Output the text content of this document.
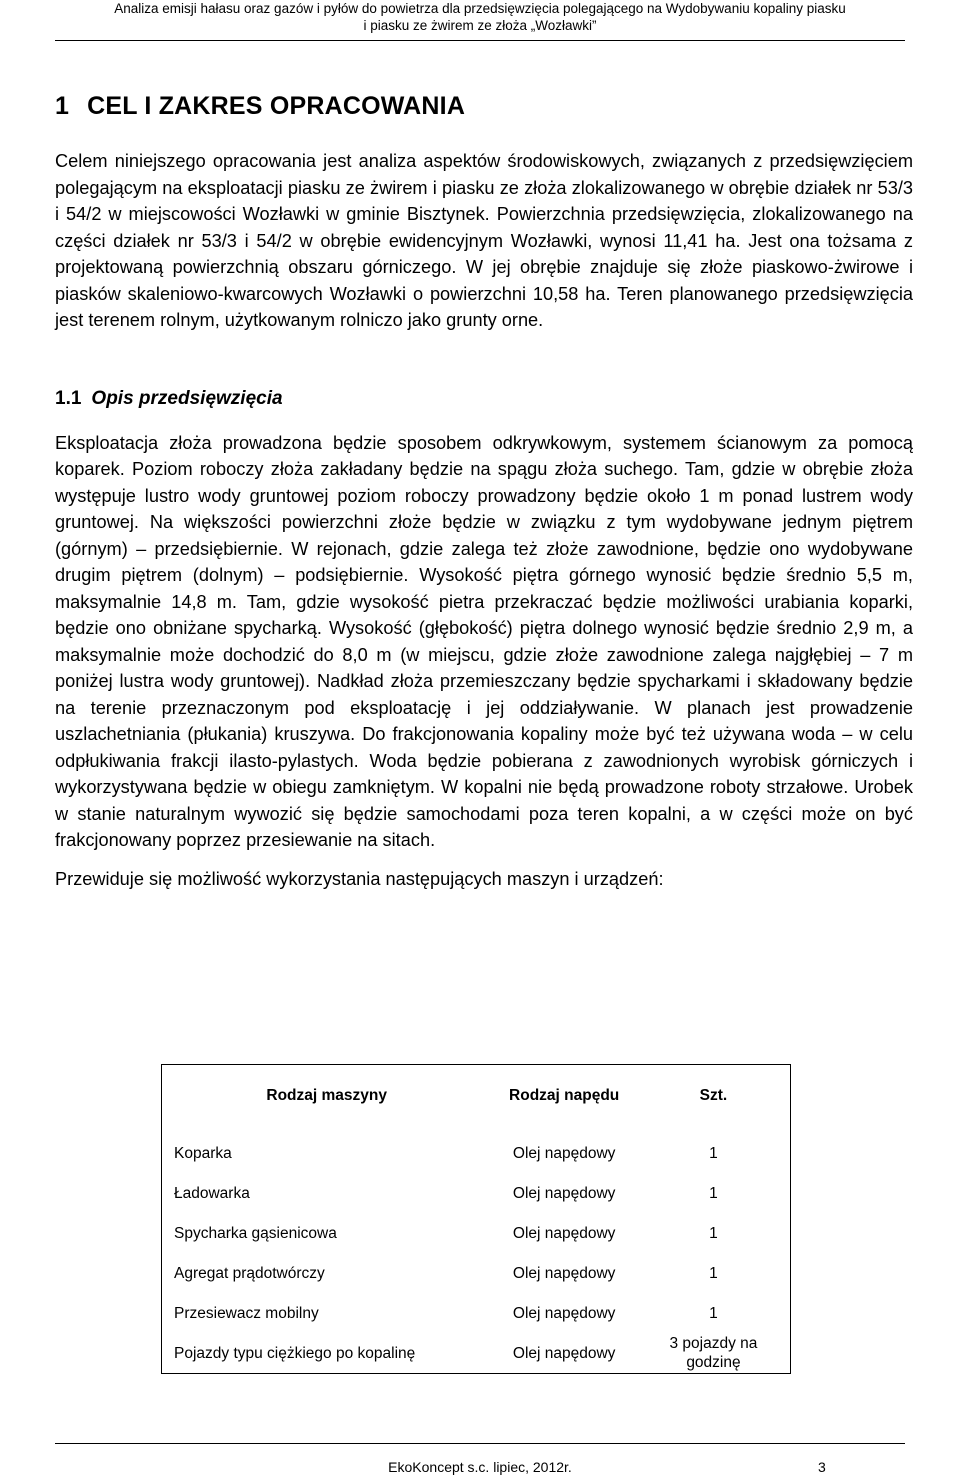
Analiza emisji hałasu oraz gazów i pyłów do powietrza dla przedsięwzięcia polegającego na Wydobywaniu kopaliny piasku
i piasku ze żwirem ze złoża „Wozławki”
1 CEL I ZAKRES OPRACOWANIA

Celem niniejszego opracowania jest analiza aspektów środowiskowych, związanych z przedsięwzięciem polegającym na eksploatacji piasku ze żwirem i piasku ze złoża zlokalizowanego w obrębie działek nr 53/3 i 54/2 w miejscowości Wozławki w gminie Bisztynek. Powierzchnia przedsięwzięcia, zlokalizowanego na części działek nr 53/3 i 54/2 w obrębie ewidencyjnym Wozławki, wynosi 11,41 ha. Jest ona tożsama z projektowaną powierzchnią obszaru górniczego. W jej obrębie znajduje się złoże piaskowo-żwirowe i piasków skaleniowo-kwarcowych Wozławki o powierzchni 10,58 ha. Teren planowanego przedsięwzięcia jest terenem rolnym, użytkowanym rolniczo jako grunty orne.

1.1 Opis przedsięwzięcia

Eksploatacja złoża prowadzona będzie sposobem odkrywkowym, systemem ścianowym za pomocą koparek. Poziom roboczy złoża zakładany będzie na spągu złoża suchego. Tam, gdzie w obrębie złoża występuje lustro wody gruntowej poziom roboczy prowadzony będzie około 1 m ponad lustrem wody gruntowej. Na większości powierzchni złoże będzie w związku z tym wydobywane jednym piętrem (górnym) – przedsiębiernie. W rejonach, gdzie zalega też złoże zawodnione, będzie ono wydobywane drugim piętrem (dolnym) – podsiębiernie. Wysokość piętra górnego wynosić będzie średnio 5,5 m, maksymalnie 14,8 m. Tam, gdzie wysokość pietra przekraczać będzie możliwości urabiania koparki, będzie ono obniżane spycharką. Wysokość (głębokość) piętra dolnego wynosić będzie średnio 2,9 m, a maksymalnie może dochodzić do 8,0 m (w miejscu, gdzie złoże zawodnione zalega najgłębiej – 7 m poniżej lustra wody gruntowej). Nadkład złoża przemieszczany będzie spycharkami i składowany będzie na terenie przeznaczonym pod eksploatację i jej oddziaływanie. W planach jest prowadzenie uszlachetniania (płukania) kruszywa. Do frakcjonowania kopaliny może być też używana woda – w celu odpłukiwania frakcji ilasto-pylastych. Woda będzie pobierana z zawodnionych wyrobisk górniczych i wykorzystywana będzie w obiegu zamkniętym. W kopalni nie będą prowadzone roboty strzałowe. Urobek w stanie naturalnym wywozić się będzie samochodami poza teren kopalni, a w części może on być frakcjonowany poprzez przesiewanie na sitach.

Przewiduje się możliwość wykorzystania następujących maszyn i urządzeń:

Rodzaj maszyny	Rodzaj napędu	Szt.
Koparka	Olej napędowy	1
Ładowarka	Olej napędowy	1
Spycharka gąsienicowa	Olej napędowy	1
Agregat prądotwórczy	Olej napędowy	1
Przesiewacz mobilny	Olej napędowy	1
Pojazdy typu ciężkiego po kopalinę	Olej napędowy	3 pojazdy na godzinę
EkoKoncept s.c. lipiec, 2012r.	3
